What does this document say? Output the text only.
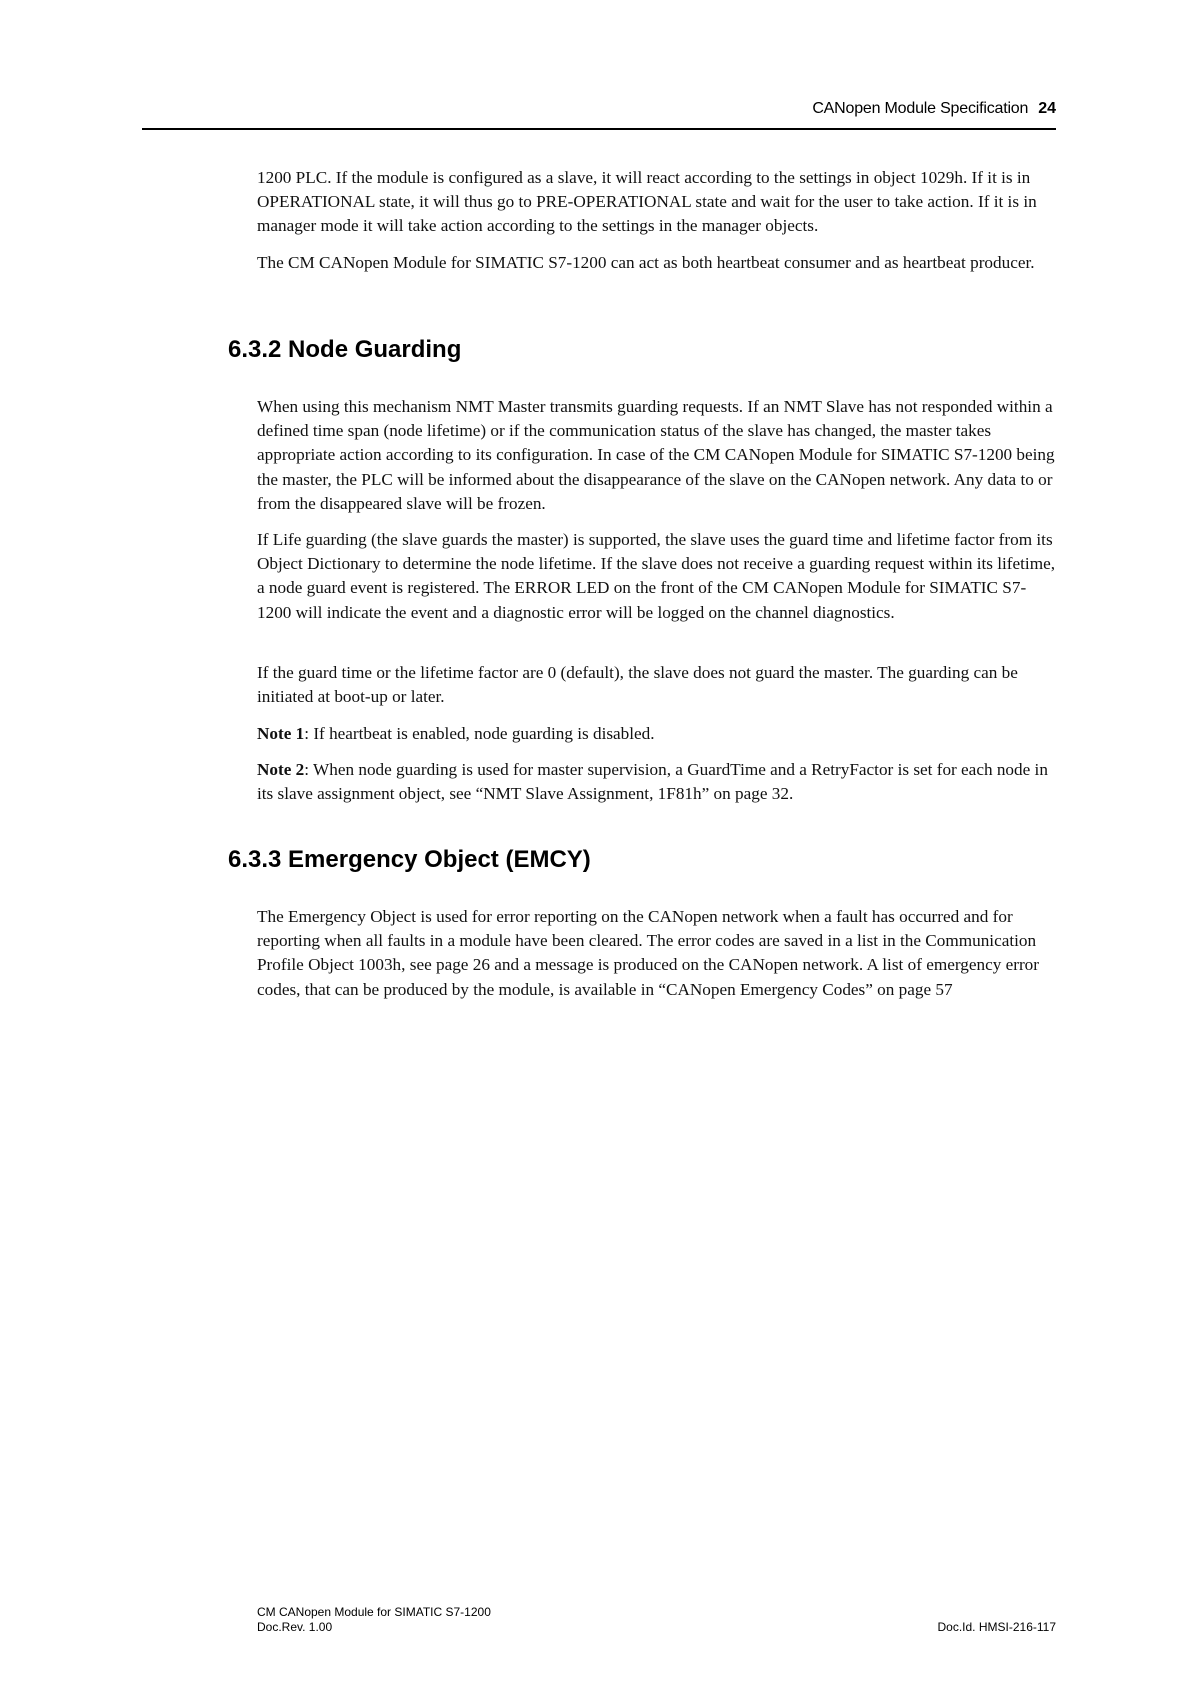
CANopen Module Specification 24

1200 PLC. If the module is configured as a slave, it will react according to the settings in object 1029h. If it is in OPERATIONAL state, it will thus go to PRE-OPERATIONAL state and wait for the user to take action. If it is in manager mode it will take action according to the settings in the manager objects.

The CM CANopen Module for SIMATIC S7-1200 can act as both heartbeat consumer and as heartbeat producer.

6.3.2 Node Guarding

When using this mechanism NMT Master transmits guarding requests. If an NMT Slave has not responded within a defined time span (node lifetime) or if the communication status of the slave has changed, the master takes appropriate action according to its configuration. In case of the CM CANopen Module for SIMATIC S7-1200 being the master, the PLC will be informed about the disappearance of the slave on the CANopen network. Any data to or from the disappeared slave will be frozen.

If Life guarding (the slave guards the master) is supported, the slave uses the guard time and lifetime factor from its Object Dictionary to determine the node lifetime. If the slave does not receive a guarding request within its lifetime, a node guard event is registered. The ERROR LED on the front of the CM CANopen Module for SIMATIC S7-1200 will indicate the event and a diagnostic error will be logged on the channel diagnostics.

If the guard time or the lifetime factor are 0 (default), the slave does not guard the master. The guarding can be initiated at boot-up or later.

Note 1: If heartbeat is enabled, node guarding is disabled.

Note 2: When node guarding is used for master supervision, a GuardTime and a RetryFactor is set for each node in its slave assignment object, see “NMT Slave Assignment, 1F81h” on page 32.

6.3.3 Emergency Object (EMCY)

The Emergency Object is used for error reporting on the CANopen network when a fault has occurred and for reporting when all faults in a module have been cleared. The error codes are saved in a list in the Communication Profile Object 1003h, see page 26 and a message is produced on the CANopen network. A list of emergency error codes, that can be produced by the module, is available in “CANopen Emergency Codes” on page 57

CM CANopen Module for SIMATIC S7-1200
Doc.Rev. 1.00	Doc.Id. HMSI-216-117
